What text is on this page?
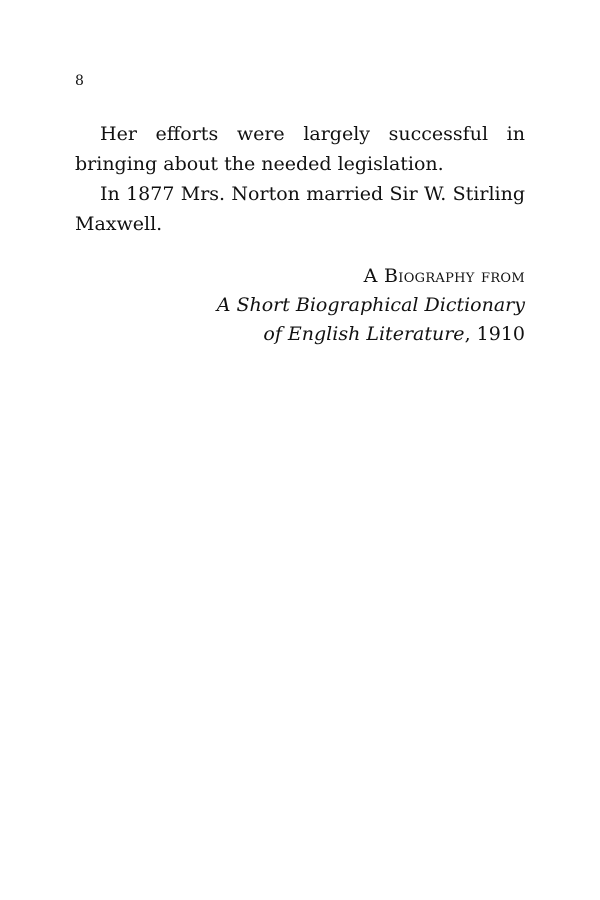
8

Her efforts were largely successful in bringing about the needed legislation.

In 1877 Mrs. Norton married Sir W. Stirling Maxwell.

A Biography from
A Short Biographical Dictionary
of English Literature, 1910
